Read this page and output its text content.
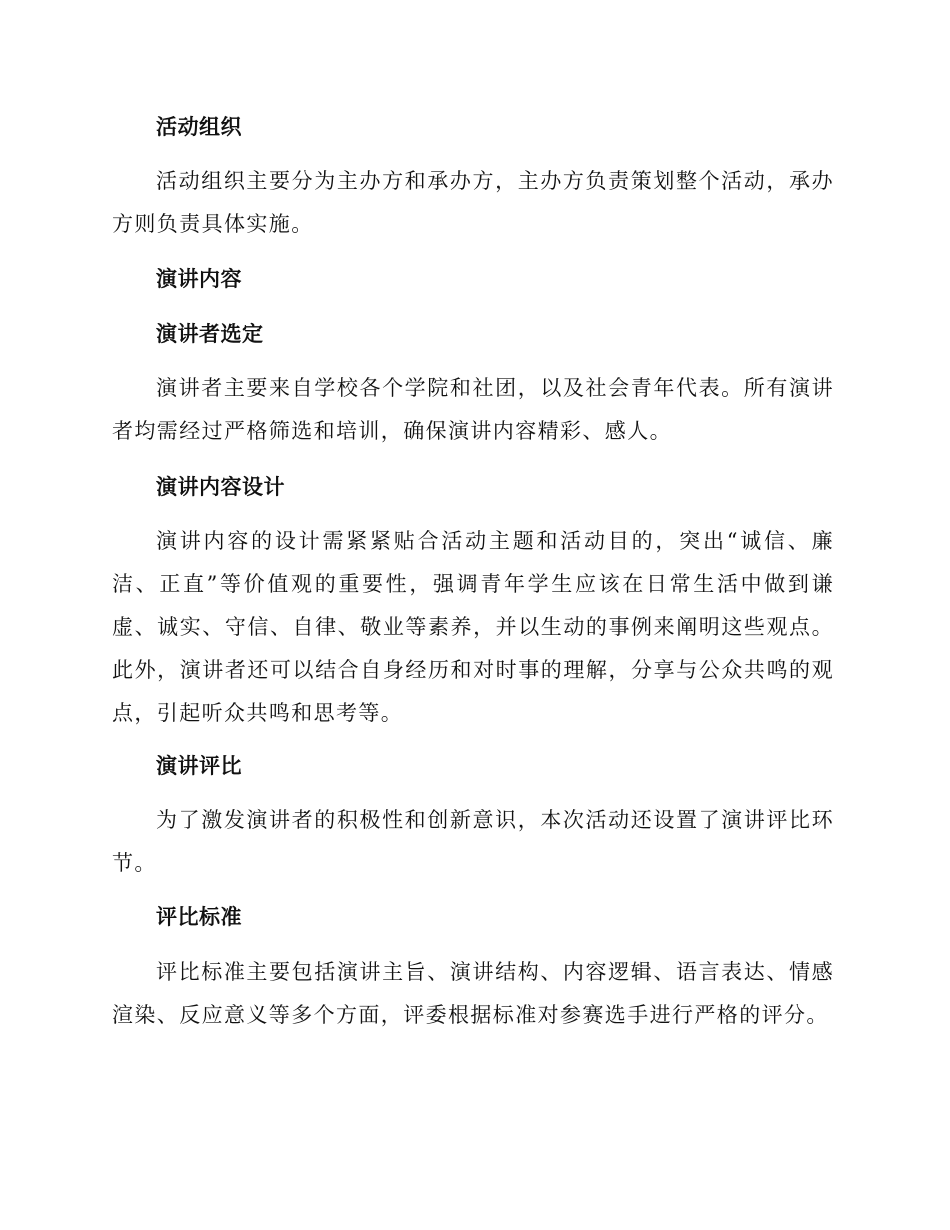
活动组织
活动组织主要分为主办方和承办方，主办方负责策划整个活动，承办方则负责具体实施。
演讲内容
演讲者选定
演讲者主要来自学校各个学院和社团，以及社会青年代表。所有演讲者均需经过严格筛选和培训，确保演讲内容精彩、感人。
演讲内容设计
演讲内容的设计需紧紧贴合活动主题和活动目的，突出“诚信、廉洁、正直”等价值观的重要性，强调青年学生应该在日常生活中做到谦虚、诚实、守信、自律、敬业等素养，并以生动的事例来阐明这些观点。此外，演讲者还可以结合自身经历和对时事的理解，分享与公众共鸣的观点，引起听众共鸣和思考等。
演讲评比
为了激发演讲者的积极性和创新意识，本次活动还设置了演讲评比环节。
评比标准
评比标准主要包括演讲主旨、演讲结构、内容逻辑、语言表达、情感渲染、反应意义等多个方面，评委根据标准对参赛选手进行严格的评分。
